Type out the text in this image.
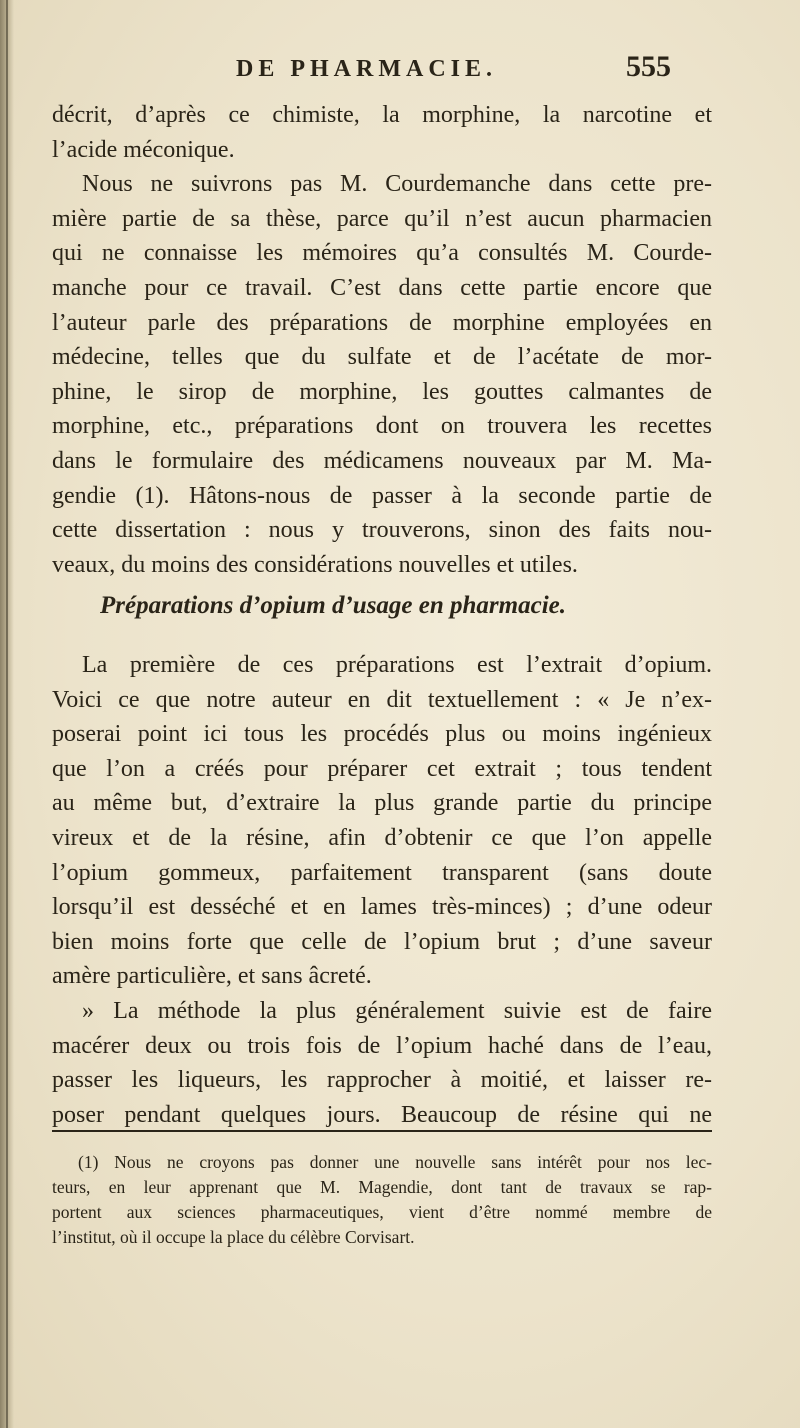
DE PHARMACIE.	555
décrit, d’après ce chimiste, la morphine, la narcotine et
l’acide méconique.
Nous ne suivrons pas M. Courdemanche dans cette pre-
mière partie de sa thèse, parce qu’il n’est aucun pharmacien
qui ne connaisse les mémoires qu’a consultés M. Courde-
manche pour ce travail. C’est dans cette partie encore que
l’auteur parle des préparations de morphine employées en
médecine, telles que du sulfate et de l’acétate de mor-
phine, le sirop de morphine, les gouttes calmantes de
morphine, etc., préparations dont on trouvera les recettes
dans le formulaire des médicamens nouveaux par M. Ma-
gendie (1). Hâtons-nous de passer à la seconde partie de
cette dissertation : nous y trouverons, sinon des faits nou-
veaux, du moins des considérations nouvelles et utiles.
Préparations d’opium d’usage en pharmacie.
La première de ces préparations est l’extrait d’opium.
Voici ce que notre auteur en dit textuellement : « Je n’ex-
poserai point ici tous les procédés plus ou moins ingénieux
que l’on a créés pour préparer cet extrait ; tous tendent
au même but, d’extraire la plus grande partie du principe
vireux et de la résine, afin d’obtenir ce que l’on appelle
l’opium gommeux, parfaitement transparent (sans doute
lorsqu’il est desséché et en lames très-minces) ; d’une odeur
bien moins forte que celle de l’opium brut ; d’une saveur
amère particulière, et sans âcreté.
» La méthode la plus généralement suivie est de faire
macérer deux ou trois fois de l’opium haché dans de l’eau,
passer les liqueurs, les rapprocher à moitié, et laisser re-
poser pendant quelques jours. Beaucoup de résine qui ne
(1) Nous ne croyons pas donner une nouvelle sans intérêt pour nos lec-
teurs, en leur apprenant que M. Magendie, dont tant de travaux se rap-
portent aux sciences pharmaceutiques, vient d’être nommé membre de
l’institut, où il occupe la place du célèbre Corvisart.
